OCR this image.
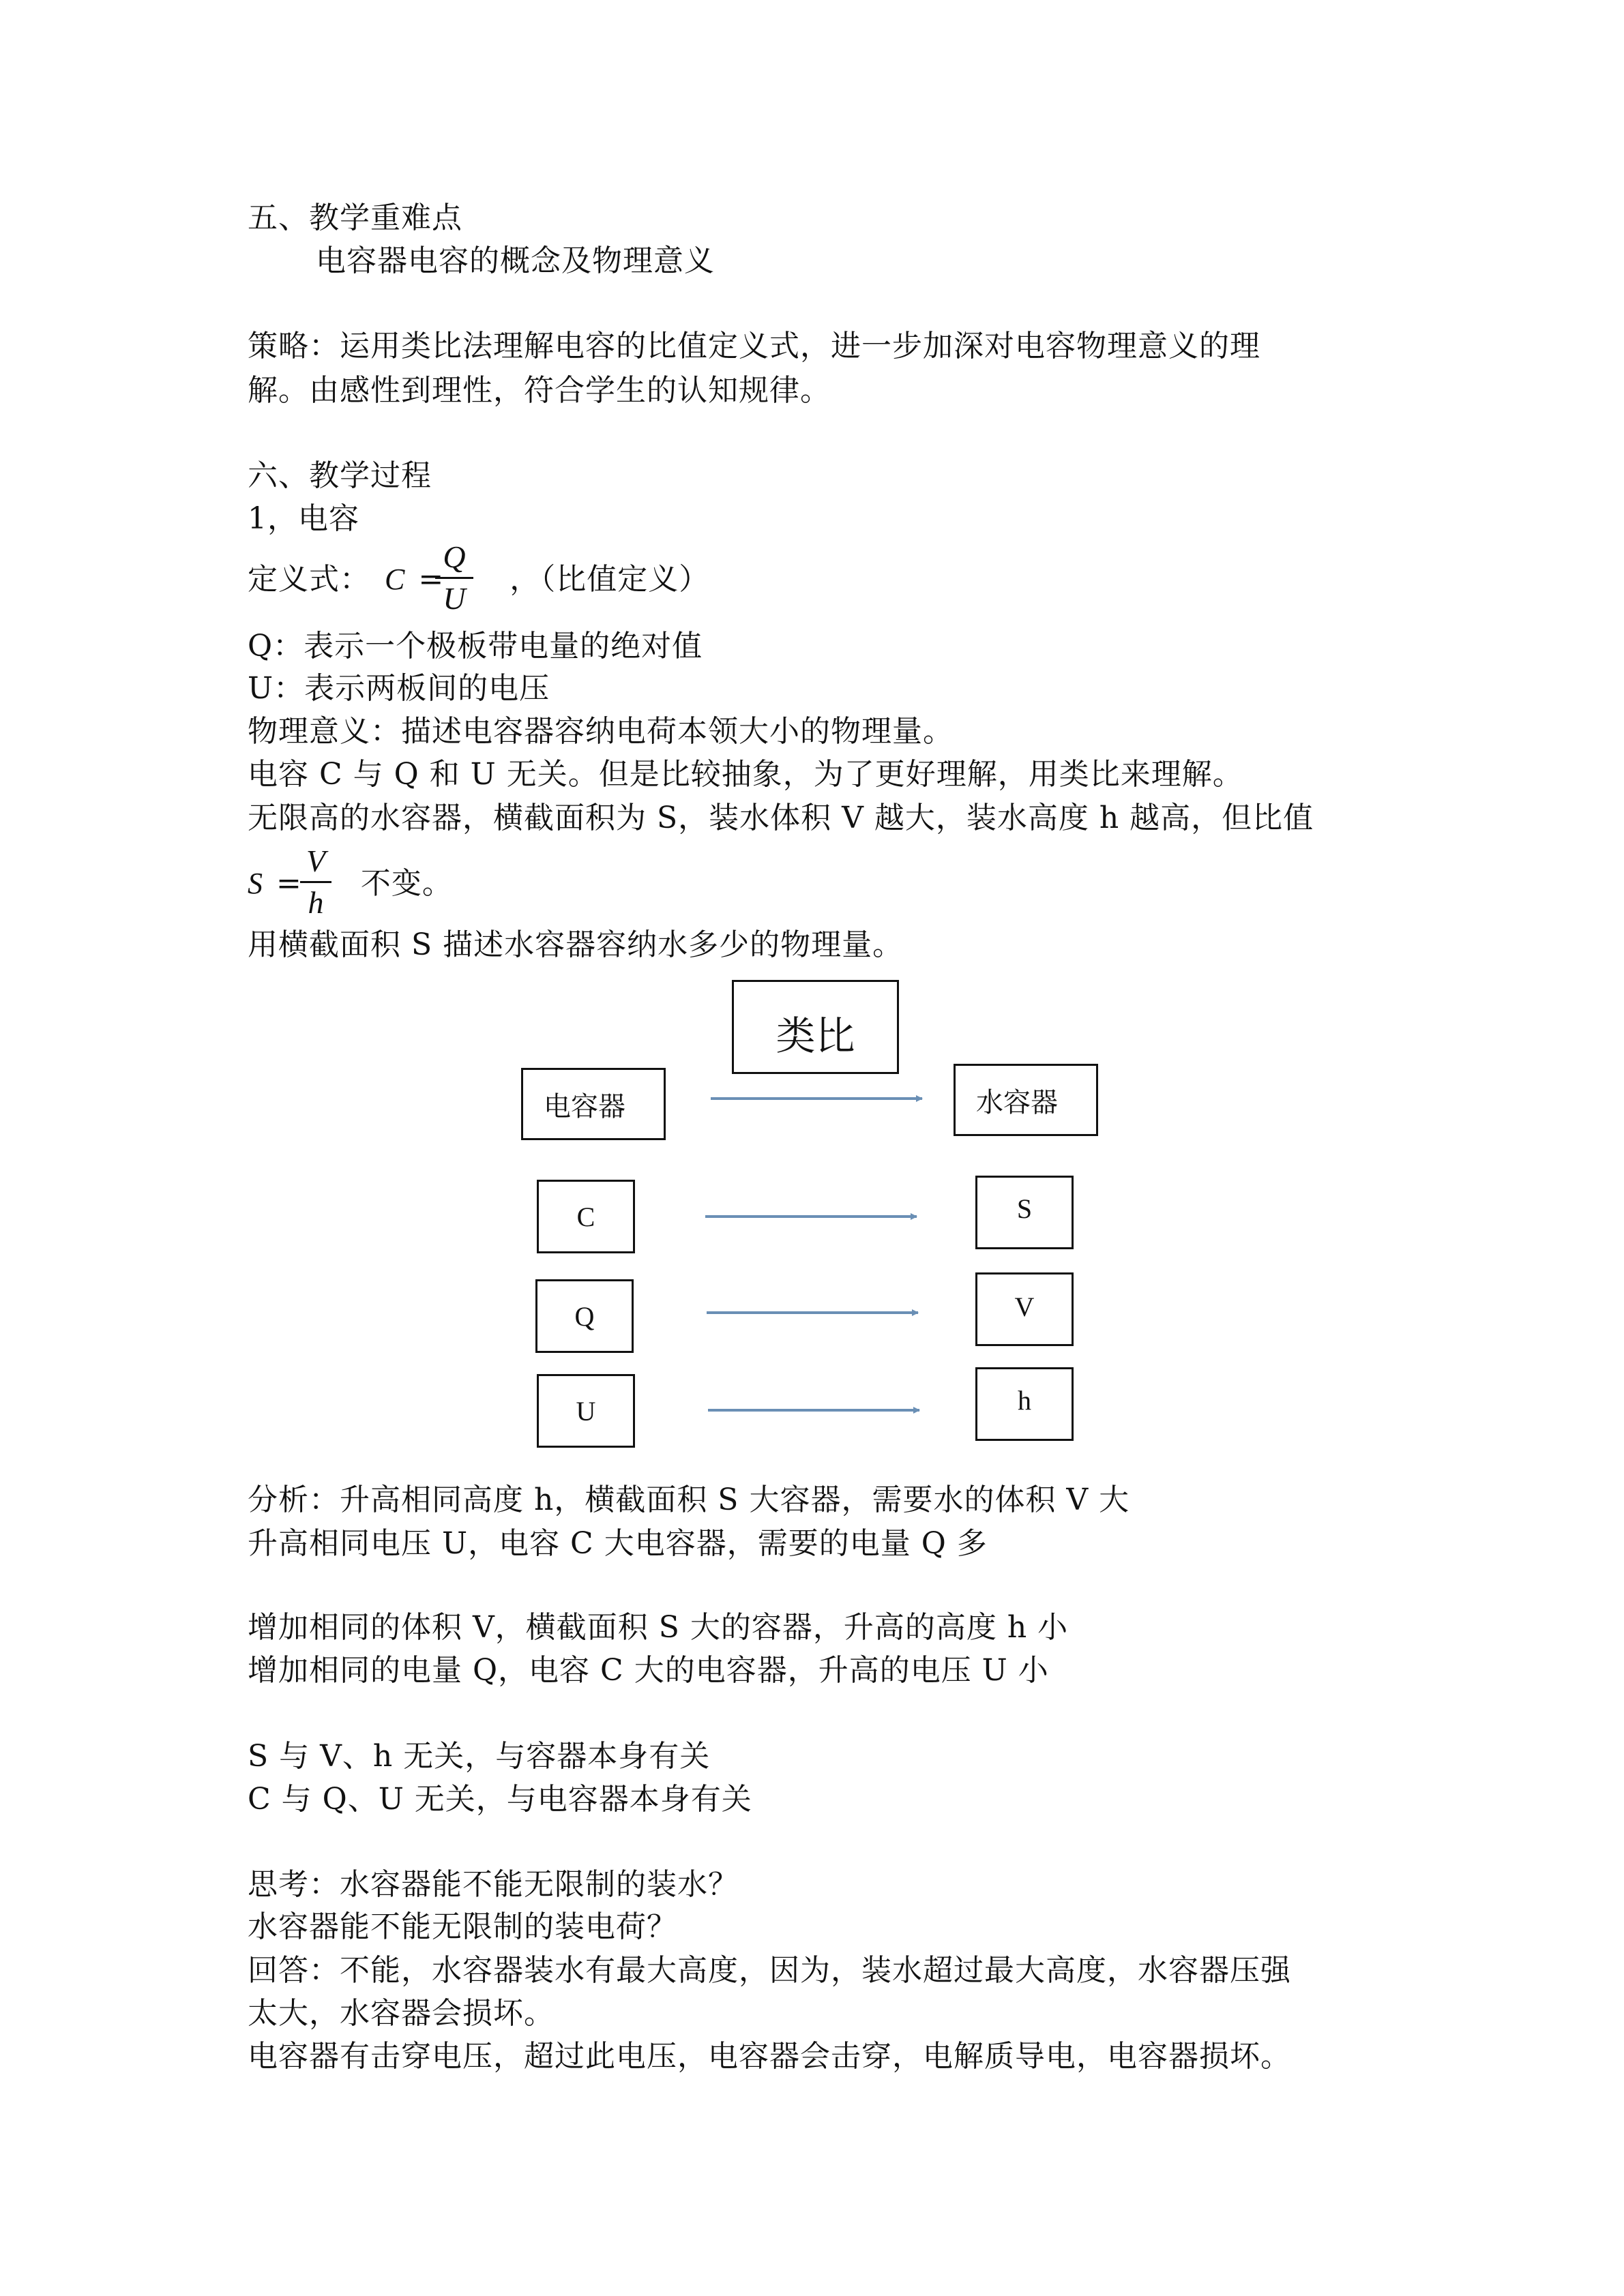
五、教学重难点
电容器电容的概念及物理意义
策略：运用类比法理解电容的比值定义式，进一步加深对电容物理意义的理
解。由感性到理性，符合学生的认知规律。
六、教学过程
1，电容
定义式： C = ，（比值定义）
Q
U
Q：表示一个极板带电量的绝对值
U：表示两板间的电压
物理意义：描述电容器容纳电荷本领大小的物理量。
电容 C 与 Q 和 U 无关。但是比较抽象，为了更好理解，用类比来理解。
无限高的水容器，横截面积为 S，装水体积 V 越大，装水高度 h 越高，但比值
S = 不变。
V
h
用横截面积 S 描述水容器容纳水多少的物理量。
类比
电容器	水容器
C
Q
U
S
V
h
分析：升高相同高度 h，横截面积 S 大容器，需要水的体积 V 大
升高相同电压 U，电容 C 大电容器，需要的电量 Q 多
增加相同的体积 V，横截面积 S 大的容器，升高的高度 h 小
增加相同的电量 Q，电容 C 大的电容器，升高的电压 U 小
S 与 V、h 无关，与容器本身有关
C 与 Q、U 无关，与电容器本身有关
思考：水容器能不能无限制的装水？
水容器能不能无限制的装电荷？
回答：不能，水容器装水有最大高度，因为，装水超过最大高度，水容器压强
太大，水容器会损坏。
电容器有击穿电压，超过此电压，电容器会击穿，电解质导电，电容器损坏。
